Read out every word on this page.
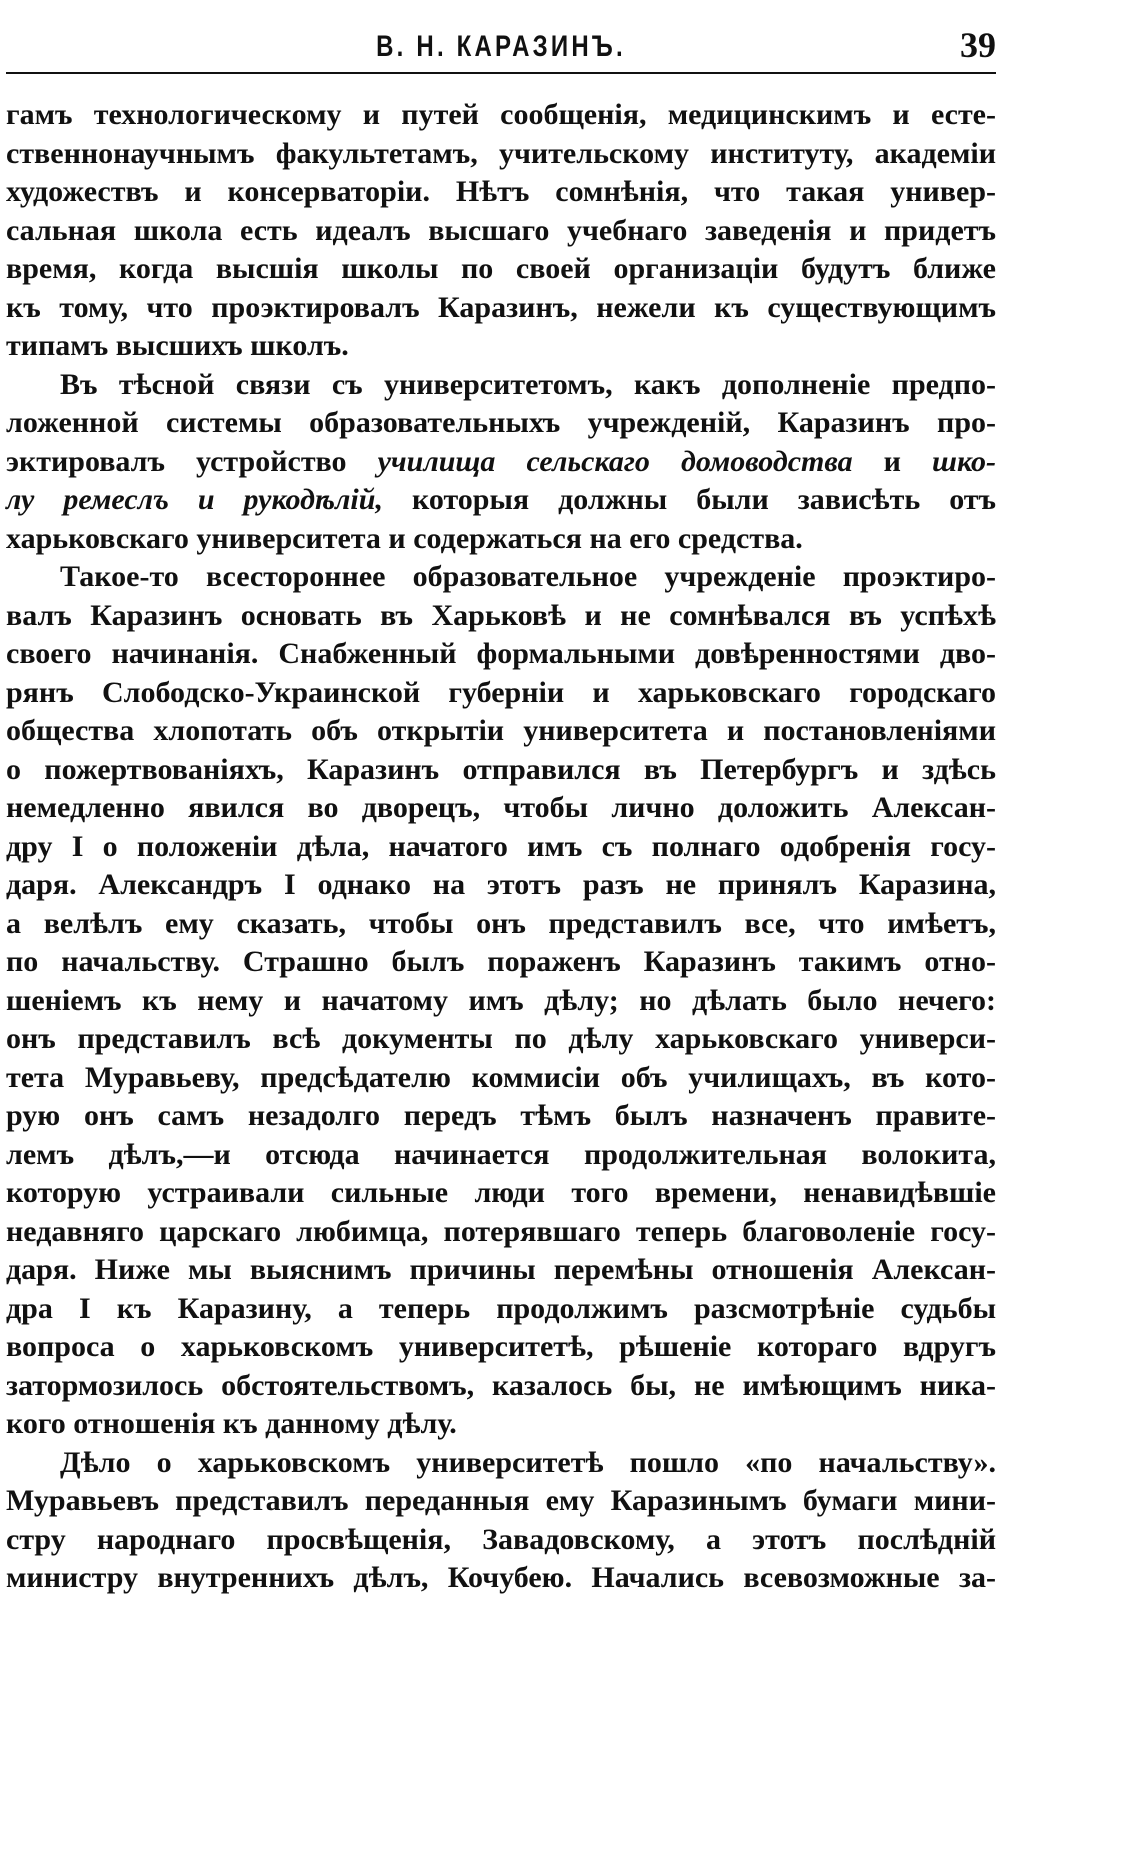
В. Н. КАРАЗИНЪ.	39
гамъ технологическому и путей сообщенія, медицинскимъ и есте-
ственнонаучнымъ факультетамъ, учительскому институту, академіи
художествъ и консерваторіи. Нѣтъ сомнѣнія, что такая универ-
сальная школа есть идеалъ высшаго учебнаго заведенія и придетъ
время, когда высшія школы по своей организаціи будутъ ближе
къ тому, что проэктировалъ Каразинъ, нежели къ существующимъ
типамъ высшихъ школъ.
Въ тѣсной связи съ университетомъ, какъ дополненіе предпо-
ложенной системы образовательныхъ учрежденій, Каразинъ про-
эктировалъ устройство училища сельскаго домоводства и шко-
лу ремеслъ и рукодѣлій, которыя должны были зависѣть отъ
харьковскаго университета и содержаться на его средства.
Такое-то всестороннее образовательное учрежденіе проэктиро-
валъ Каразинъ основать въ Харьковѣ и не сомнѣвался въ успѣхѣ
своего начинанія. Снабженный формальными довѣренностями дво-
рянъ Слободско-Украинской губерніи и харьковскаго городскаго
общества хлопотать объ открытіи университета и постановленіями
о пожертвованіяхъ, Каразинъ отправился въ Петербургъ и здѣсь
немедленно явился во дворецъ, чтобы лично доложить Алексан-
дру I о положеніи дѣла, начатого имъ съ полнаго одобренія госу-
даря. Александръ I однако на этотъ разъ не принялъ Каразина,
а велѣлъ ему сказать, чтобы онъ представилъ все, что имѣетъ,
по начальству. Страшно былъ пораженъ Каразинъ такимъ отно-
шеніемъ къ нему и начатому имъ дѣлу; но дѣлать было нечего:
онъ представилъ всѣ документы по дѣлу харьковскаго универси-
тета Муравьеву, предсѣдателю коммисіи объ училищахъ, въ кото-
рую онъ самъ незадолго передъ тѣмъ былъ назначенъ правите-
лемъ дѣлъ,—и отсюда начинается продолжительная волокита,
которую устраивали сильные люди того времени, ненавидѣвшіе
недавняго царскаго любимца, потерявшаго теперь благоволеніе госу-
даря. Ниже мы выяснимъ причины перемѣны отношенія Алексан-
дра I къ Каразину, а теперь продолжимъ разсмотрѣніе судьбы
вопроса о харьковскомъ университетѣ, рѣшеніе котораго вдругъ
затормозилось обстоятельствомъ, казалось бы, не имѣющимъ ника-
кого отношенія къ данному дѣлу.
Дѣло о харьковскомъ университетѣ пошло «по начальству».
Муравьевъ представилъ переданныя ему Каразинымъ бумаги мини-
стру народнаго просвѣщенія, Завадовскому, а этотъ послѣдній
министру внутреннихъ дѣлъ, Кочубею. Начались всевозможные за-
